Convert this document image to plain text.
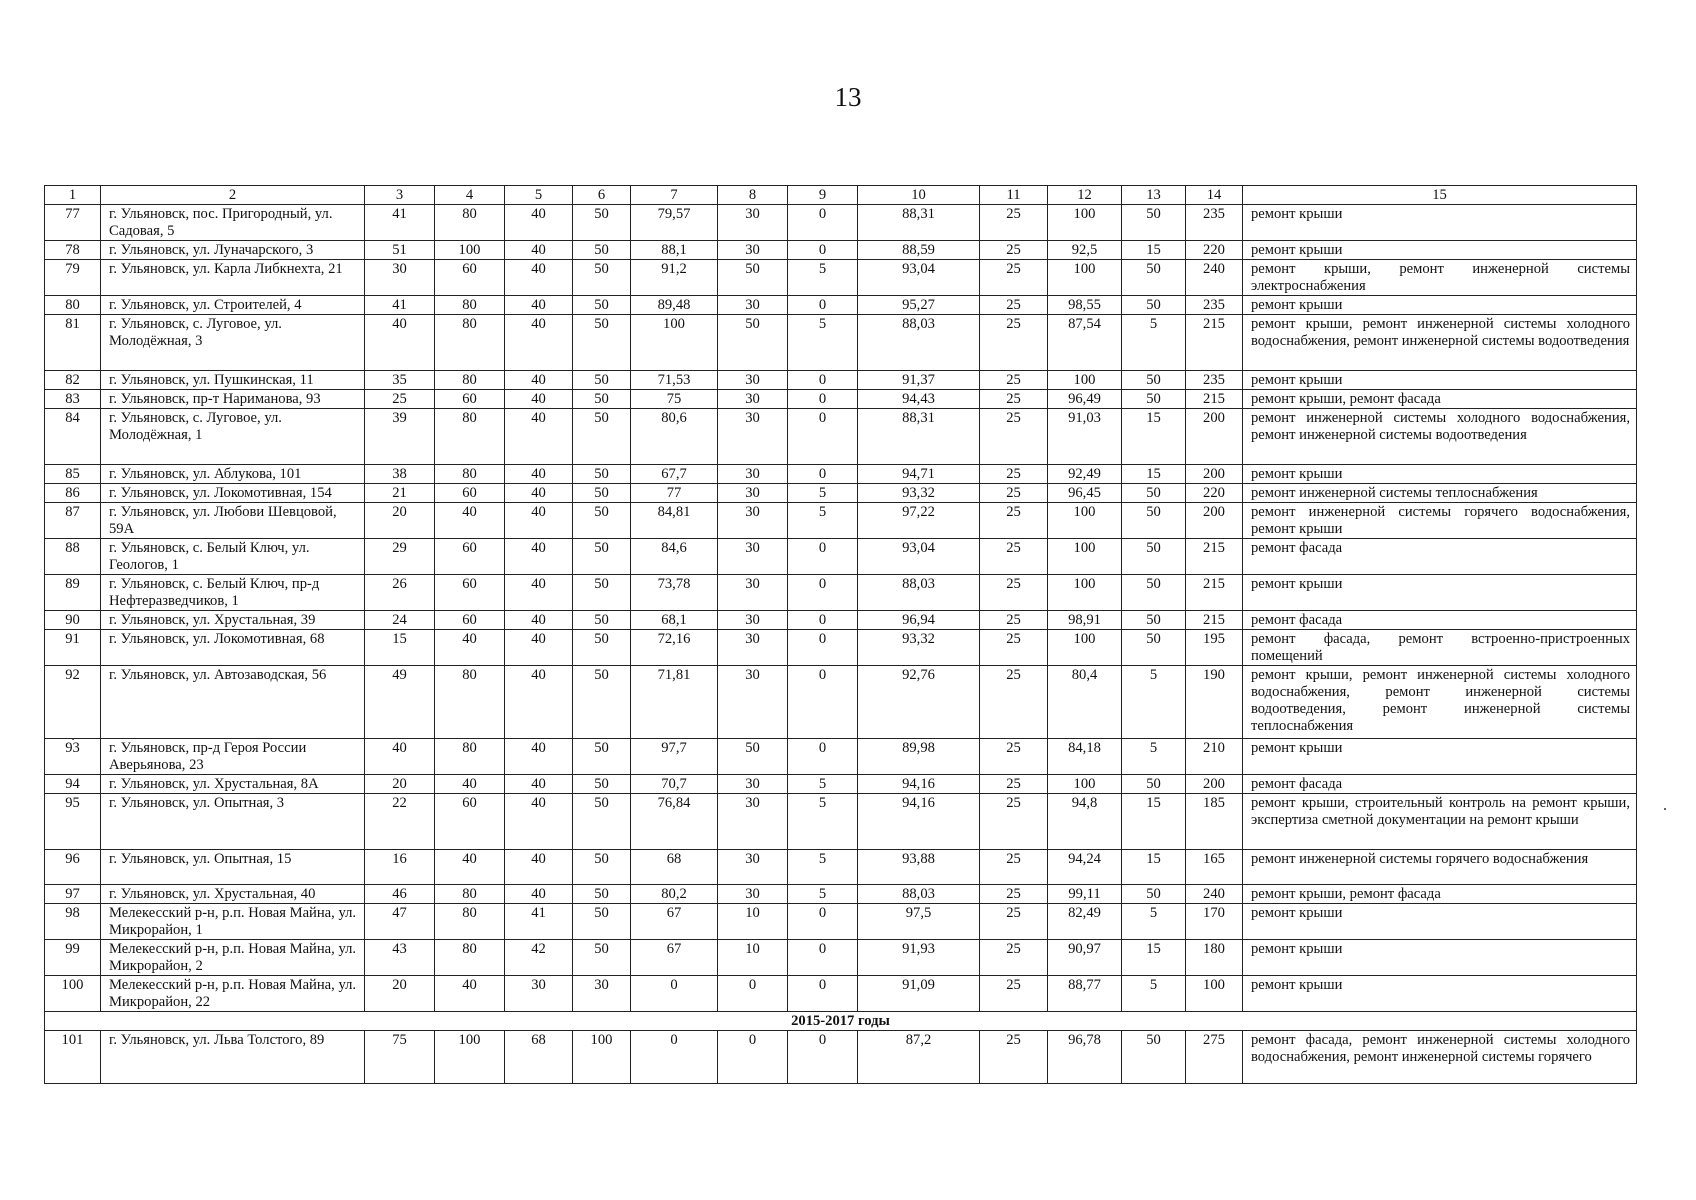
13
1	2	3	4	5	6	7	8	9	10	11	12	13	14	15
77	г. Ульяновск, пос. Пригородный, ул. Садовая, 5	41	80	40	50	79,57	30	0	88,31	25	100	50	235	ремонт крыши
78	г. Ульяновск, ул. Луначарского, 3	51	100	40	50	88,1	30	0	88,59	25	92,5	15	220	ремонт крыши
79	г. Ульяновск, ул. Карла Либкнехта, 21	30	60	40	50	91,2	50	5	93,04	25	100	50	240	ремонт крыши, ремонт инженерной системы электроснабжения
80	г. Ульяновск, ул. Строителей, 4	41	80	40	50	89,48	30	0	95,27	25	98,55	50	235	ремонт крыши
81	г. Ульяновск, с. Луговое, ул. Молодёжная, 3	40	80	40	50	100	50	5	88,03	25	87,54	5	215	ремонт крыши, ремонт инженерной системы холодного водоснабжения, ремонт инженерной системы водоотведения
82	г. Ульяновск, ул. Пушкинская, 11	35	80	40	50	71,53	30	0	91,37	25	100	50	235	ремонт крыши
83	г. Ульяновск, пр-т Нариманова, 93	25	60	40	50	75	30	0	94,43	25	96,49	50	215	ремонт крыши, ремонт фасада
84	г. Ульяновск, с. Луговое, ул. Молодёжная, 1	39	80	40	50	80,6	30	0	88,31	25	91,03	15	200	ремонт инженерной системы холодного водоснабжения, ремонт инженерной системы водоотведения
85	г. Ульяновск, ул. Аблукова, 101	38	80	40	50	67,7	30	0	94,71	25	92,49	15	200	ремонт крыши
86	г. Ульяновск, ул. Локомотивная, 154	21	60	40	50	77	30	5	93,32	25	96,45	50	220	ремонт инженерной системы теплоснабжения
87	г. Ульяновск, ул. Любови Шевцовой, 59А	20	40	40	50	84,81	30	5	97,22	25	100	50	200	ремонт инженерной системы горячего водоснабжения, ремонт крыши
88	г. Ульяновск, с. Белый Ключ, ул. Геологов, 1	29	60	40	50	84,6	30	0	93,04	25	100	50	215	ремонт фасада
89	г. Ульяновск, с. Белый Ключ, пр-д Нефтеразведчиков, 1	26	60	40	50	73,78	30	0	88,03	25	100	50	215	ремонт крыши
90	г. Ульяновск, ул. Хрустальная, 39	24	60	40	50	68,1	30	0	96,94	25	98,91	50	215	ремонт фасада
91	г. Ульяновск, ул. Локомотивная, 68	15	40	40	50	72,16	30	0	93,32	25	100	50	195	ремонт фасада, ремонт встроенно-пристроенных помещений
92	г. Ульяновск, ул. Автозаводская, 56	49	80	40	50	71,81	30	0	92,76	25	80,4	5	190	ремонт крыши, ремонт инженерной системы холодного водоснабжения, ремонт инженерной системы водоотведения, ремонт инженерной системы теплоснабжения
93	г. Ульяновск, пр-д Героя России Аверьянова, 23	40	80	40	50	97,7	50	0	89,98	25	84,18	5	210	ремонт крыши
94	г. Ульяновск, ул. Хрустальная, 8А	20	40	40	50	70,7	30	5	94,16	25	100	50	200	ремонт фасада
95	г. Ульяновск, ул. Опытная, 3	22	60	40	50	76,84	30	5	94,16	25	94,8	15	185	ремонт крыши, строительный контроль на ремонт крыши, экспертиза сметной документации на ремонт крыши
96	г. Ульяновск, ул. Опытная, 15	16	40	40	50	68	30	5	93,88	25	94,24	15	165	ремонт инженерной системы горячего водоснабжения
97	г. Ульяновск, ул. Хрустальная, 40	46	80	40	50	80,2	30	5	88,03	25	99,11	50	240	ремонт крыши, ремонт фасада
98	Мелекесский р-н, р.п. Новая Майна, ул. Микрорайон, 1	47	80	41	50	67	10	0	97,5	25	82,49	5	170	ремонт крыши
99	Мелекесский р-н, р.п. Новая Майна, ул. Микрорайон, 2	43	80	42	50	67	10	0	91,93	25	90,97	15	180	ремонт крыши
100	Мелекесский р-н, р.п. Новая Майна, ул. Микрорайон, 22	20	40	30	30	0	0	0	91,09	25	88,77	5	100	ремонт крыши
2015-2017 годы														
101	г. Ульяновск, ул. Льва Толстого, 89	75	100	68	100	0	0	0	87,2	25	96,78	50	275	ремонт фасада, ремонт инженерной системы холодного водоснабжения, ремонт инженерной системы горячего
